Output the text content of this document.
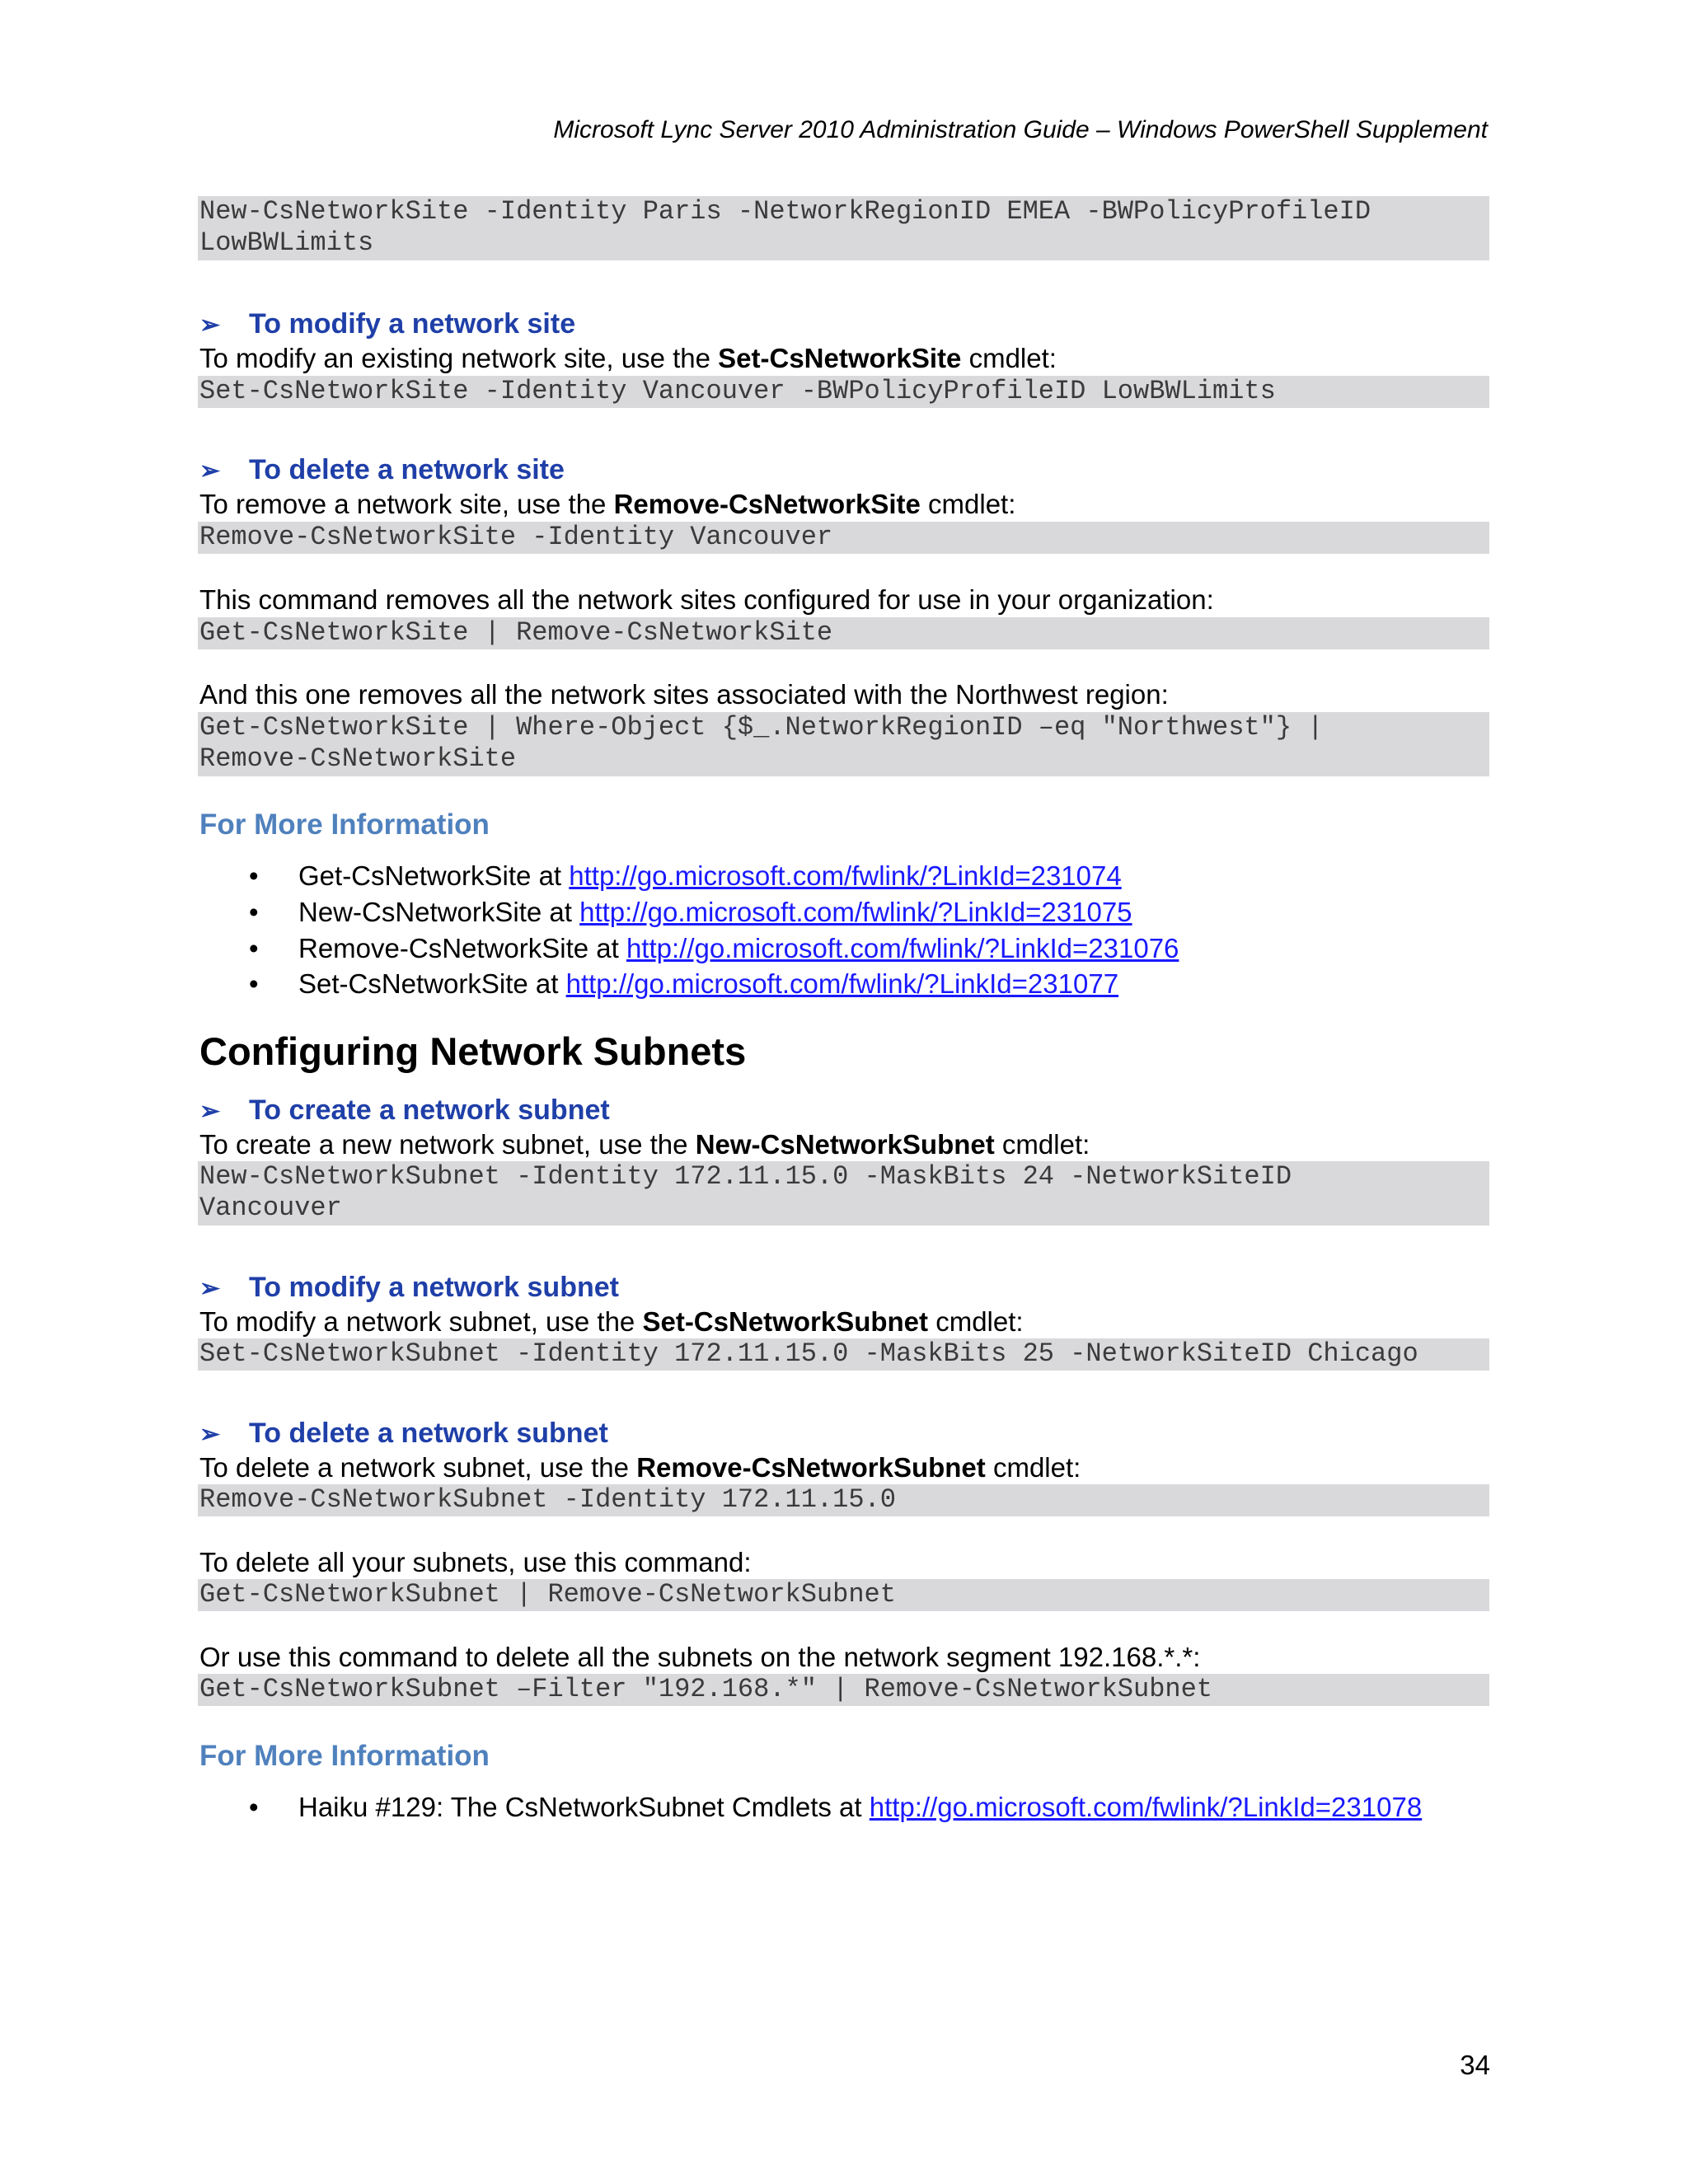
Microsoft Lync Server 2010 Administration Guide – Windows PowerShell Supplement
New-CsNetworkSite -Identity Paris -NetworkRegionID EMEA -BWPolicyProfileID
LowBWLimits
➢ To modify a network site
To modify an existing network site, use the Set-CsNetworkSite cmdlet:
Set-CsNetworkSite -Identity Vancouver -BWPolicyProfileID LowBWLimits
➢ To delete a network site
To remove a network site, use the Remove-CsNetworkSite cmdlet:
Remove-CsNetworkSite -Identity Vancouver
This command removes all the network sites configured for use in your organization:
Get-CsNetworkSite | Remove-CsNetworkSite
And this one removes all the network sites associated with the Northwest region:
Get-CsNetworkSite | Where-Object {$_.NetworkRegionID –eq "Northwest"} |
Remove-CsNetworkSite
For More Information
• Get-CsNetworkSite at http://go.microsoft.com/fwlink/?LinkId=231074
• New-CsNetworkSite at http://go.microsoft.com/fwlink/?LinkId=231075
• Remove-CsNetworkSite at http://go.microsoft.com/fwlink/?LinkId=231076
• Set-CsNetworkSite at http://go.microsoft.com/fwlink/?LinkId=231077
Configuring Network Subnets
➢ To create a network subnet
To create a new network subnet, use the New-CsNetworkSubnet cmdlet:
New-CsNetworkSubnet -Identity 172.11.15.0 -MaskBits 24 -NetworkSiteID
Vancouver
➢ To modify a network subnet
To modify a network subnet, use the Set-CsNetworkSubnet cmdlet:
Set-CsNetworkSubnet -Identity 172.11.15.0 -MaskBits 25 -NetworkSiteID Chicago
➢ To delete a network subnet
To delete a network subnet, use the Remove-CsNetworkSubnet cmdlet:
Remove-CsNetworkSubnet -Identity 172.11.15.0
To delete all your subnets, use this command:
Get-CsNetworkSubnet | Remove-CsNetworkSubnet
Or use this command to delete all the subnets on the network segment 192.168.*.*:
Get-CsNetworkSubnet –Filter "192.168.*" | Remove-CsNetworkSubnet
For More Information
• Haiku #129: The CsNetworkSubnet Cmdlets at http://go.microsoft.com/fwlink/?LinkId=231078
34
